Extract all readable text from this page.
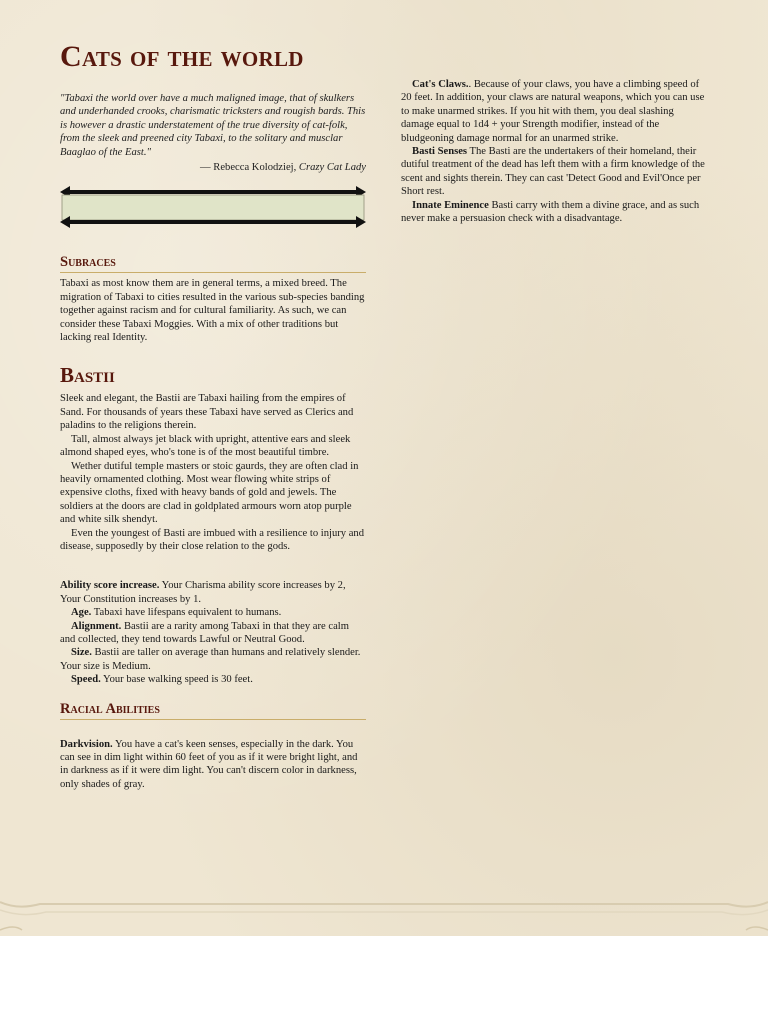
Cats of the world

"Tabaxi the world over have a much maligned image, that of skulkers and underhanded crooks, charismatic tricksters and rougish bards. This is however a drastic understatement of the true diversity of cat-folk, from the sleek and preened city Tabaxi, to the solitary and musclar Baaglao of the East."

— Rebecca Kolodziej, Crazy Cat Lady
Subraces

Tabaxi as most know them are in general terms, a mixed breed. The migration of Tabaxi to cities resulted in the various sub-species banding together against racism and for cultural familiarity. As such, we can consider these Tabaxi Moggies. With a mix of other traditions but lacking real Identity.

Bastii

Sleek and elegant, the Bastii are Tabaxi hailing from the empires of Sand. For thousands of years these Tabaxi have served as Clerics and paladins to the religions therein.

Tall, almost always jet black with upright, attentive ears and sleek almond shaped eyes, who's tone is of the most beautiful timbre.

Wether dutiful temple masters or stoic gaurds, they are often clad in heavily ornamented clothing. Most wear flowing white strips of expensive cloths, fixed with heavy bands of gold and jewels. The soldiers at the doors are clad in goldplated armours worn atop purple and white silk shendyt.

Even the youngest of Basti are imbued with a resilience to injury and disease, supposedly by their close relation to the gods.

Ability score increase. Your Charisma ability score increases by 2, Your Constitution increases by 1.

Age. Tabaxi have lifespans equivalent to humans.

Alignment. Bastii are a rarity among Tabaxi in that they are calm and collected, they tend towards Lawful or Neutral Good.

Size. Bastii are taller on average than humans and relatively slender. Your size is Medium.

Speed. Your base walking speed is 30 feet.

Racial Abilities

Darkvision. You have a cat's keen senses, especially in the dark. You can see in dim light within 60 feet of you as if it were bright light, and in darkness as if it were dim light. You can't discern color in darkness, only shades of gray.

Cat's Claws.. Because of your claws, you have a climbing speed of 20 feet. In addition, your claws are natural weapons, which you can use to make unarmed strikes. If you hit with them, you deal slashing damage equal to 1d4 + your Strength modifier, instead of the bludgeoning damage normal for an unarmed strike.

Basti Senses The Basti are the undertakers of their homeland, their dutiful treatment of the dead has left them with a firm knowledge of the scent and sights therein. They can cast 'Detect Good and Evil'Once per Short rest.

Innate Eminence Basti carry with them a divine grace, and as such never make a persuasion check with a disadvantage.
